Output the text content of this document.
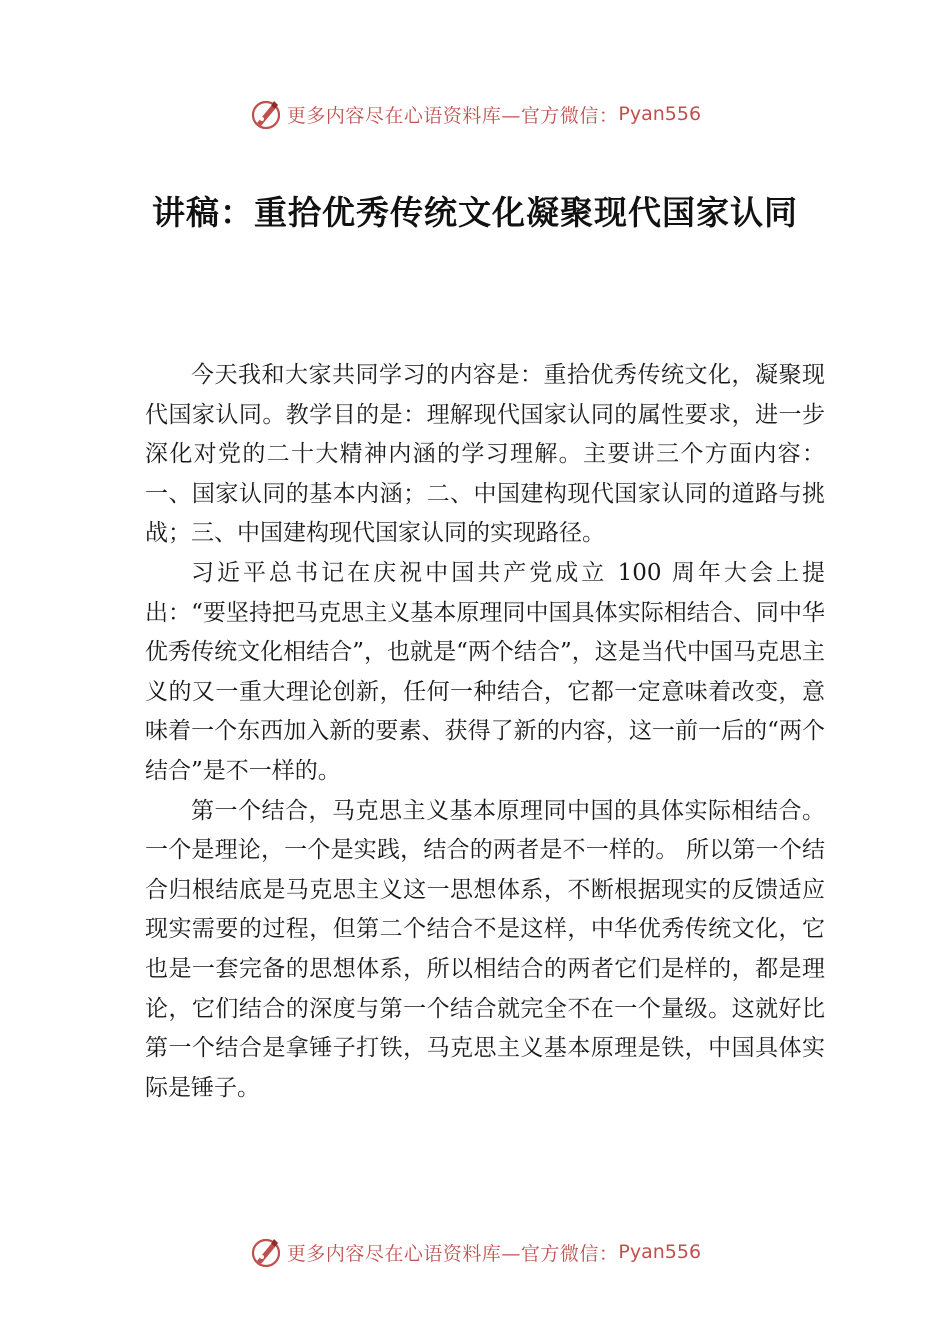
更多内容尽在心语资料库—官方微信： Pyan556
讲稿：重拾优秀传统文化凝聚现代国家认同

今天我和大家共同学习的内容是：重拾优秀传统文化，凝聚现代国家认同。教学目的是：理解现代国家认同的属性要求，进一步深化对党的二十大精神内涵的学习理解。主要讲三个方面内容：一、国家认同的基本内涵；二、中国建构现代国家认同的道路与挑战；三、中国建构现代国家认同的实现路径。

习近平总书记在庆祝中国共产党成立 100 周年大会上提出：“要坚持把马克思主义基本原理同中国具体实际相结合、同中华优秀传统文化相结合”，也就是“两个结合”，这是当代中国马克思主义的又一重大理论创新，任何一种结合，它都一定意味着改变，意味着一个东西加入新的要素、获得了新的内容，这一前一后的“两个结合”是不一样的。

第一个结合，马克思主义基本原理同中国的具体实际相结合。一个是理论，一个是实践，结合的两者是不一样的。 所以第一个结合归根结底是马克思主义这一思想体系，不断根据现实的反馈适应现实需要的过程，但第二个结合不是这样，中华优秀传统文化，它也是一套完备的思想体系，所以相结合的两者它们是样的，都是理论，它们结合的深度与第一个结合就完全不在一个量级。这就好比第一个结合是拿锤子打铁，马克思主义基本原理是铁，中国具体实际是锤子。

更多内容尽在心语资料库—官方微信： Pyan556
